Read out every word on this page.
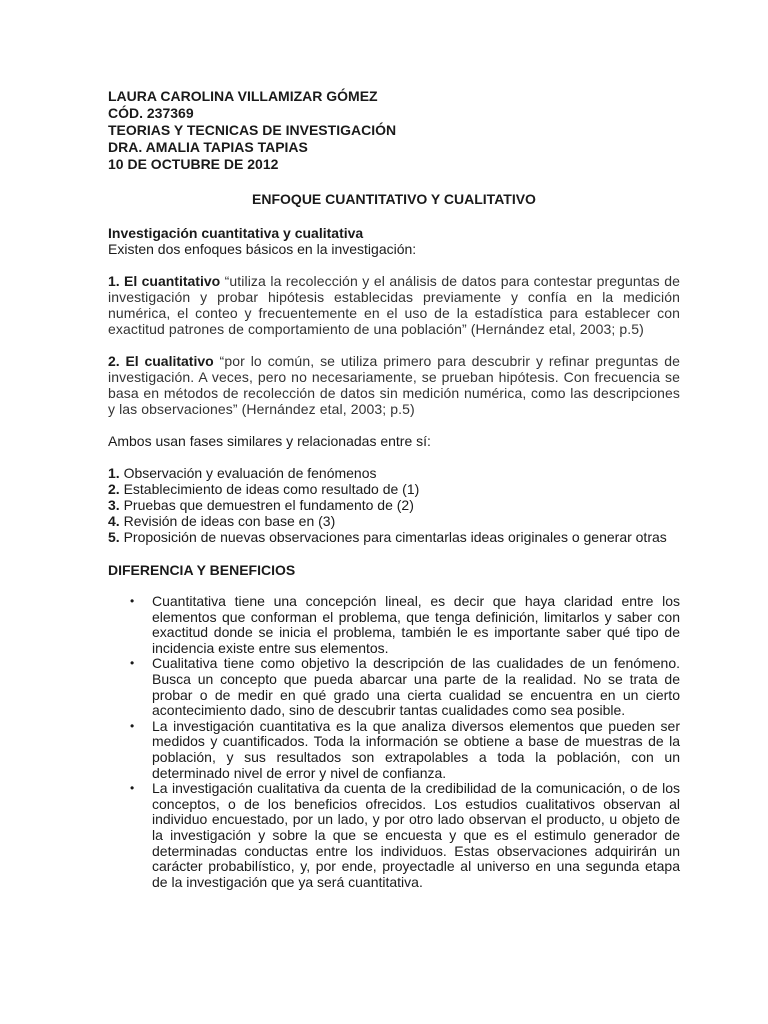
LAURA CAROLINA VILLAMIZAR GÓMEZ

CÓD. 237369

TEORIAS Y TECNICAS DE INVESTIGACIÓN

DRA. AMALIA TAPIAS TAPIAS

10 DE OCTUBRE DE 2012

ENFOQUE CUANTITATIVO Y CUALITATIVO

Investigación cuantitativa y cualitativa

Existen dos enfoques básicos en la investigación:

1. El cuantitativo “utiliza la recolección y el análisis de datos para contestar preguntas de investigación y probar hipótesis establecidas previamente y confía en la medición numérica, el conteo y frecuentemente en el uso de la estadística para establecer con exactitud patrones de comportamiento de una población” (Hernández etal, 2003; p.5)

2. El cualitativo “por lo común, se utiliza primero para descubrir y refinar preguntas de investigación. A veces, pero no necesariamente, se prueban hipótesis. Con frecuencia se basa en métodos de recolección de datos sin medición numérica, como las descripciones y las observaciones” (Hernández etal, 2003; p.5)

Ambos usan fases similares y relacionadas entre sí:

1. Observación y evaluación de fenómenos
2. Establecimiento de ideas como resultado de (1)
3. Pruebas que demuestren el fundamento de (2)
4. Revisión de ideas con base en (3)
5. Proposición de nuevas observaciones para cimentarlas ideas originales o generar otras

DIFERENCIA Y BENEFICIOS

• Cuantitativa tiene una concepción lineal, es decir que haya claridad entre los elementos que conforman el problema, que tenga definición, limitarlos y saber con exactitud donde se inicia el problema, también le es importante saber qué tipo de incidencia existe entre sus elementos.
• Cualitativa tiene como objetivo la descripción de las cualidades de un fenómeno. Busca un concepto que pueda abarcar una parte de la realidad. No se trata de probar o de medir en qué grado una cierta cualidad se encuentra en un cierto acontecimiento dado, sino de descubrir tantas cualidades como sea posible.
• La investigación cuantitativa es la que analiza diversos elementos que pueden ser medidos y cuantificados. Toda la información se obtiene a base de muestras de la población, y sus resultados son extrapolables a toda la población, con un determinado nivel de error y nivel de confianza.
• La investigación cualitativa da cuenta de la credibilidad de la comunicación, o de los conceptos, o de los beneficios ofrecidos. Los estudios cualitativos observan al individuo encuestado, por un lado, y por otro lado observan el producto, u objeto de la investigación y sobre la que se encuesta y que es el estimulo generador de determinadas conductas entre los individuos. Estas observaciones adquirirán un carácter probabilístico, y, por ende, proyectadle al universo en una segunda etapa de la investigación que ya será cuantitativa.
